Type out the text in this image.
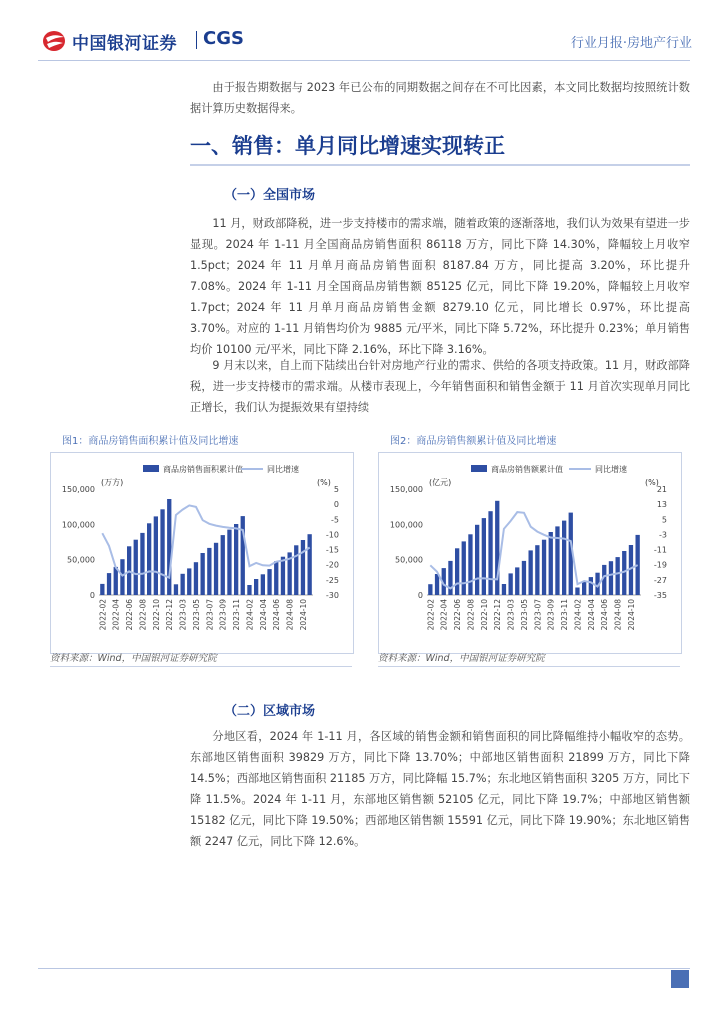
中国银河证券 CGS	行业月报·房地产行业

由于报告期数据与 2023 年已公布的同期数据之间存在不可比因素，本文同比数据均按照统计数据计算历史数据得来。

一、销售：单月同比增速实现转正
（一）全国市场

11 月，财政部降税，进一步支持楼市的需求端，随着政策的逐渐落地，我们认为效果有望进一步显现。2024 年 1-11 月全国商品房销售面积 86118 万方，同比下降 14.30%，降幅较上月收窄 1.5pct；2024 年 11 月单月商品房销售面积 8187.84 万方，同比提高 3.20%，环比提升 7.08%。2024 年 1-11 月全国商品房销售额 85125 亿元，同比下降 19.20%，降幅较上月收窄 1.7pct；2024 年 11 月单月商品房销售金额 8279.10 亿元，同比增长 0.97%，环比提高 3.70%。对应的 1-11 月销售均价为 9885 元/平米，同比下降 5.72%，环比提升 0.23%；单月销售均价 10100 元/平米，同比下降 2.16%，环比下降 3.16%。

9 月末以来，自上而下陆续出台针对房地产行业的需求、供给的各项支持政策。11 月，财政部降税，进一步支持楼市的需求端。从楼市表现上，今年销售面积和销售金额于 11 月首次实现单月同比正增长，我们认为提振效果有望持续

图1：商品房销售面积累计值及同比增速
商品房销售面积累计值	同比增速
(万方)	(%)
150,000
100,000
50,000
0
5
0
-5
-10
-15
-20
-25
-30
2022-02 2022-04 2022-06 2022-08 2022-10 2022-12 2023-03 2023-05 2023-07 2023-09 2023-11 2024-02 2024-04 2024-06 2024-08 2024-10
资料来源：Wind，中国银河证券研究院
图2：商品房销售额累计值及同比增速
商品房销售额累计值	同比增速
(亿元)	(%)
150,000
100,000
50,000
0
21
13
5
-3
-11
-19
-27
-35
2022-02 2022-04 2022-06 2022-08 2022-10 2022-12 2023-03 2023-05 2023-07 2023-09 2023-11 2024-02 2024-04 2024-06 2024-08 2024-10
资料来源：Wind，中国银河证券研究院
（二）区域市场

分地区看，2024 年 1-11 月，各区域的销售金额和销售面积的同比降幅维持小幅收窄的态势。东部地区销售面积 39829 万方，同比下降 13.70%；中部地区销售面积 21899 万方，同比下降 14.5%；西部地区销售面积 21185 万方，同比降幅 15.7%；东北地区销售面积 3205 万方，同比下降 11.5%。2024 年 1-11 月，东部地区销售额 52105 亿元，同比下降 19.7%；中部地区销售额 15182 亿元，同比下降 19.50%；西部地区销售额 15591 亿元，同比下降 19.90%；东北地区销售额 2247 亿元，同比下降 12.6%。
